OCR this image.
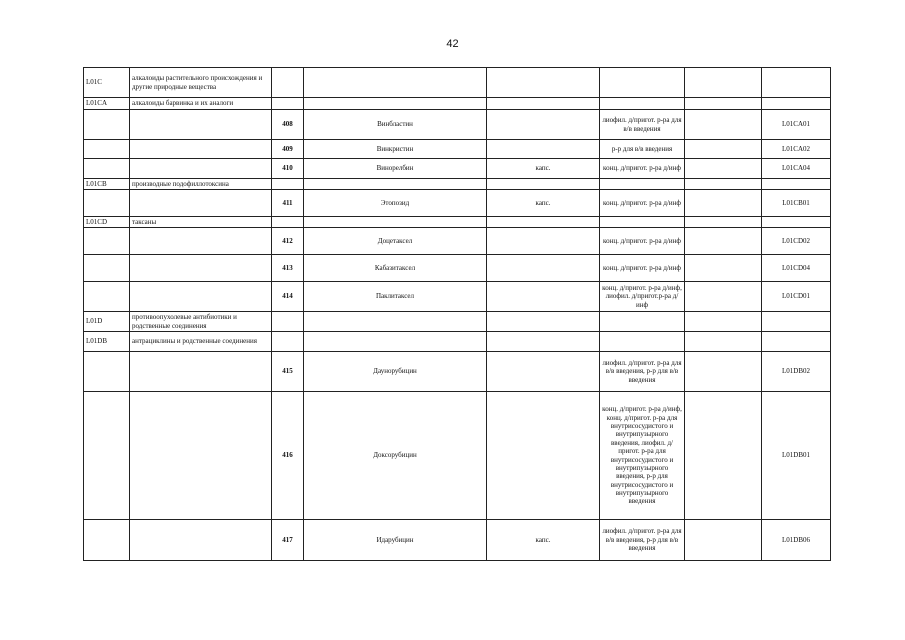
42
L01C	алкалоиды растительного происхождения и другие природные вещества						
L01CA	алкалоиды барвинка и их аналоги						
		408	Винбластин		лиофил. д/пригот. р-ра для в/в введения		L01CA01
		409	Винкристин		р-р для в/в введения		L01CA02
		410	Винорелбин	капс.	конц. д/пригот. р-ра д/инф		L01CA04
L01CB	производные подофиллотоксина						
		411	Этопозид	капс.	конц. д/пригот. р-ра д/инф		L01CB01
L01CD	таксаны						
		412	Доцетаксел		конц. д/пригот. р-ра д/инф		L01CD02
		413	Кабазитаксел		конц. д/пригот. р-ра д/инф		L01CD04
		414	Паклитаксел		конц. д/пригот. р-ра д/инф, лиофил. д/пригот.р-ра д/инф		L01CD01
L01D	противоопухолевые антибиотики и родственные соединения						
L01DB	антрациклины и родственные соединения						
		415	Даунорубицин		лиофил. д/пригот. р-ра для в/в введения, р-р для в/в введения		L01DB02
		416	Доксорубицин		конц. д/пригот. р-ра д/инф, конц. д/пригот. р-ра для внутрисосудистого и внутрипузырного введения, лиофил. д/пригот. р-ра для внутрисосудистого и внутрипузырного введения, р-р для внутрисосудистого и внутрипузырного введения		L01DB01
		417	Идарубицин	капс.	лиофил. д/пригот. р-ра для в/в введения, р-р для в/в введения		L01DB06
